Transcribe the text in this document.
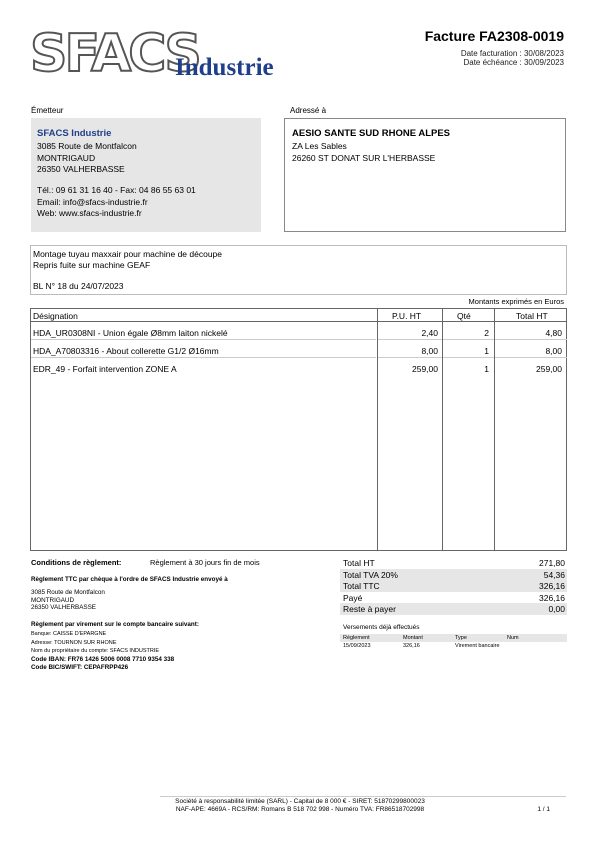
SFACS
Industrie
Facture FA2308-0019
Date facturation : 30/08/2023
Date échéance : 30/09/2023
Émetteur
SFACS Industrie
3085 Route de Montfalcon
MONTRIGAUD
26350 VALHERBASSE
Tél.: 09 61 31 16 40 - Fax: 04 86 55 63 01
Email: info@sfacs-industrie.fr
Web: www.sfacs-industrie.fr
Adressé à
AESIO SANTE SUD RHONE ALPES
ZA Les Sables
26260 ST DONAT SUR L'HERBASSE
Montage tuyau maxxair pour machine de découpe
Repris fuite sur machine GEAF
BL N° 18 du 24/07/2023
Montants exprimés en Euros
Désignation	P.U. HT	Qté	Total HT
HDA_UR0308NI - Union égale Ø8mm laiton nickelé	2,40	2	4,80
HDA_A70803316 - About collerette G1/2 Ø16mm	8,00	1	8,00
EDR_49 - Forfait intervention ZONE A	259,00	1	259,00
Conditions de règlement:	Règlement à 30 jours fin de mois
Règlement TTC par chèque à l'ordre de SFACS Industrie envoyé à
3085 Route de Montfalcon
MONTRIGAUD
26350 VALHERBASSE
Règlement par virement sur le compte bancaire suivant:
Banque: CAISSE D'EPARGNE
Adresse: TOURNON SUR RHONE
Nom du propriétaire du compte: SFACS INDUSTRIE
Code IBAN: FR76 1426 5006 0008 7710 9354 338
Code BIC/SWIFT: CEPAFRPP426
Total HT	271,80
Total TVA 20%	54,36
Total TTC	326,16
Payé	326,16
Reste à payer	0,00
Versements déjà effectués
Règlement	Montant	Type	Num
15/09/2023	326,16	Virement bancaire
Société à responsabilité limitée (SARL) - Capital de 8 000 € - SIRET: 51870299800023
NAF-APE: 4669A - RCS/RM: Romans B 518 702 998 - Numéro TVA: FR86518702998	1 / 1
